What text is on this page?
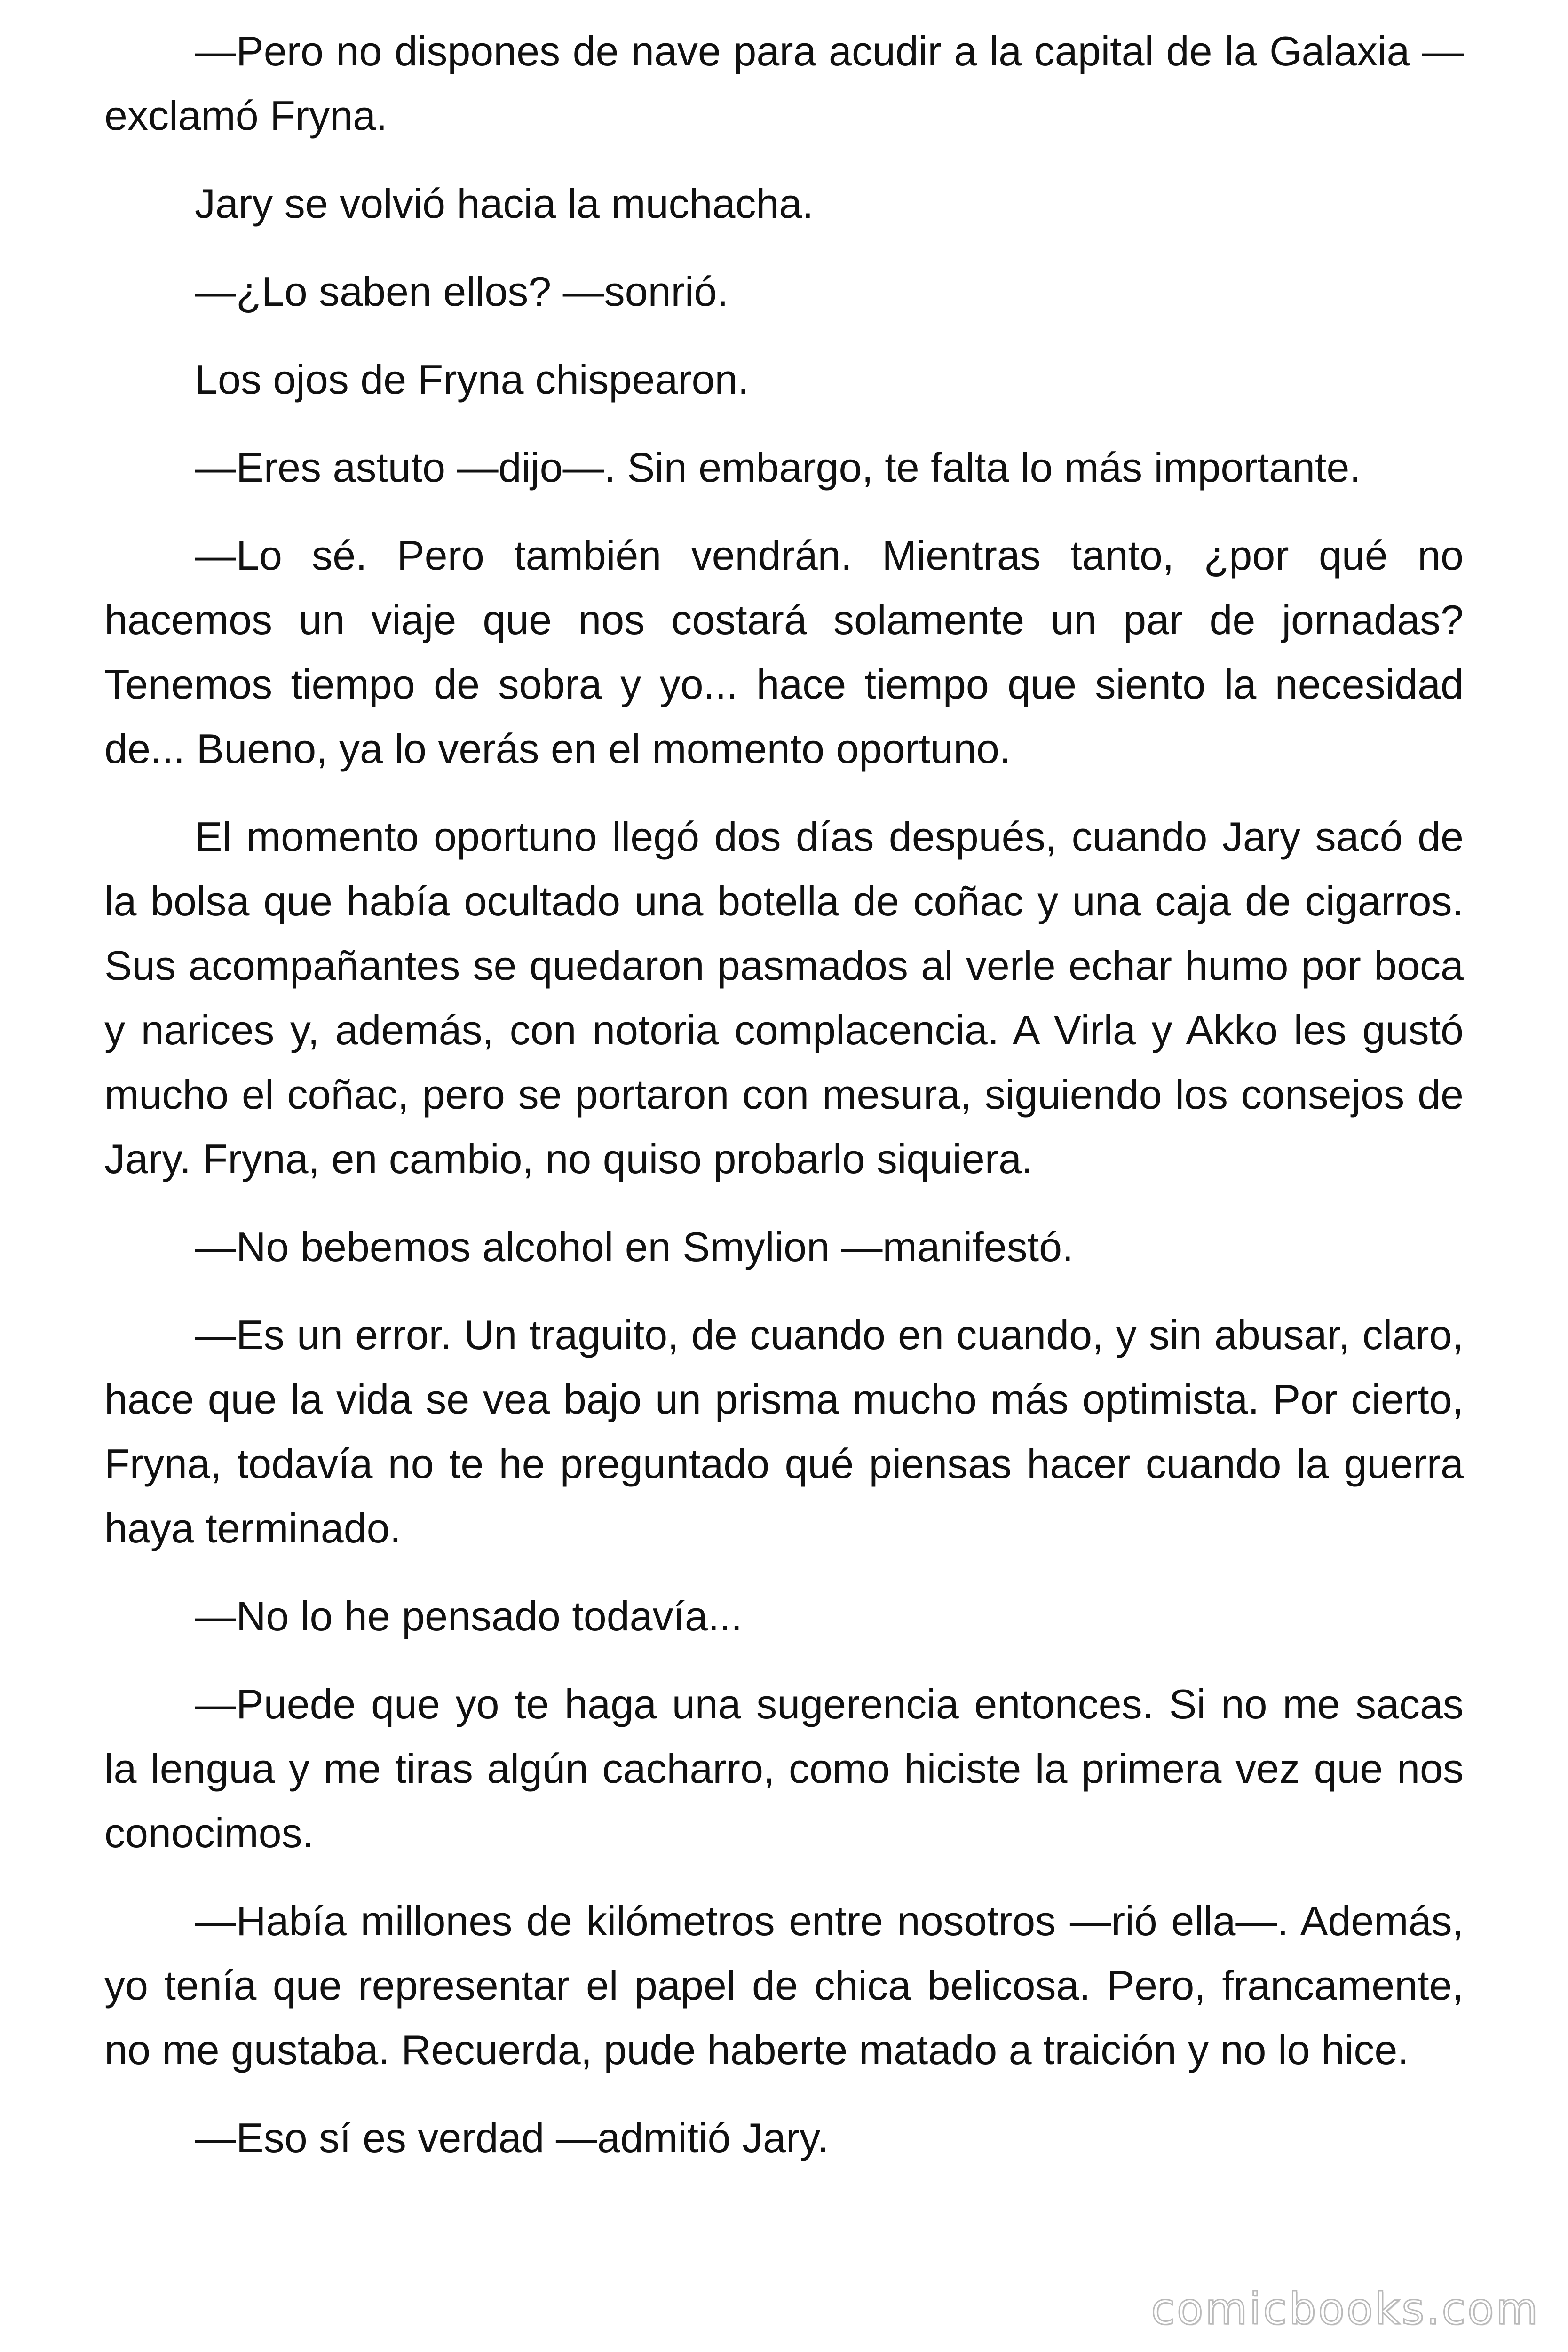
—Pero no dispones de nave para acudir a la capital de la Galaxia —exclamó Fryna.

Jary se volvió hacia la muchacha.

—¿Lo saben ellos? —sonrió.

Los ojos de Fryna chispearon.

—Eres astuto —dijo—. Sin embargo, te falta lo más importante.

—Lo sé. Pero también vendrán. Mientras tanto, ¿por qué no hacemos un viaje que nos costará solamente un par de jornadas? Tenemos tiempo de sobra y yo... hace tiempo que siento la necesidad de... Bueno, ya lo verás en el momento oportuno.

El momento oportuno llegó dos días después, cuando Jary sacó de la bolsa que había ocultado una botella de coñac y una caja de cigarros. Sus acompañantes se quedaron pasmados al verle echar humo por boca y narices y, además, con notoria complacencia. A Virla y Akko les gustó mucho el coñac, pero se portaron con mesura, siguiendo los consejos de Jary. Fryna, en cambio, no quiso probarlo siquiera.

—No bebemos alcohol en Smylion —manifestó.

—Es un error. Un traguito, de cuando en cuando, y sin abusar, claro, hace que la vida se vea bajo un prisma mucho más optimista. Por cierto, Fryna, todavía no te he preguntado qué piensas hacer cuando la guerra haya terminado.

—No lo he pensado todavía...

—Puede que yo te haga una sugerencia entonces. Si no me sacas la lengua y me tiras algún cacharro, como hiciste la primera vez que nos conocimos.

—Había millones de kilómetros entre nosotros —rió ella—. Además, yo tenía que representar el papel de chica belicosa. Pero, francamente, no me gustaba. Recuerda, pude haberte matado a traición y no lo hice.

—Eso sí es verdad —admitió Jary.

comicbooks.com
